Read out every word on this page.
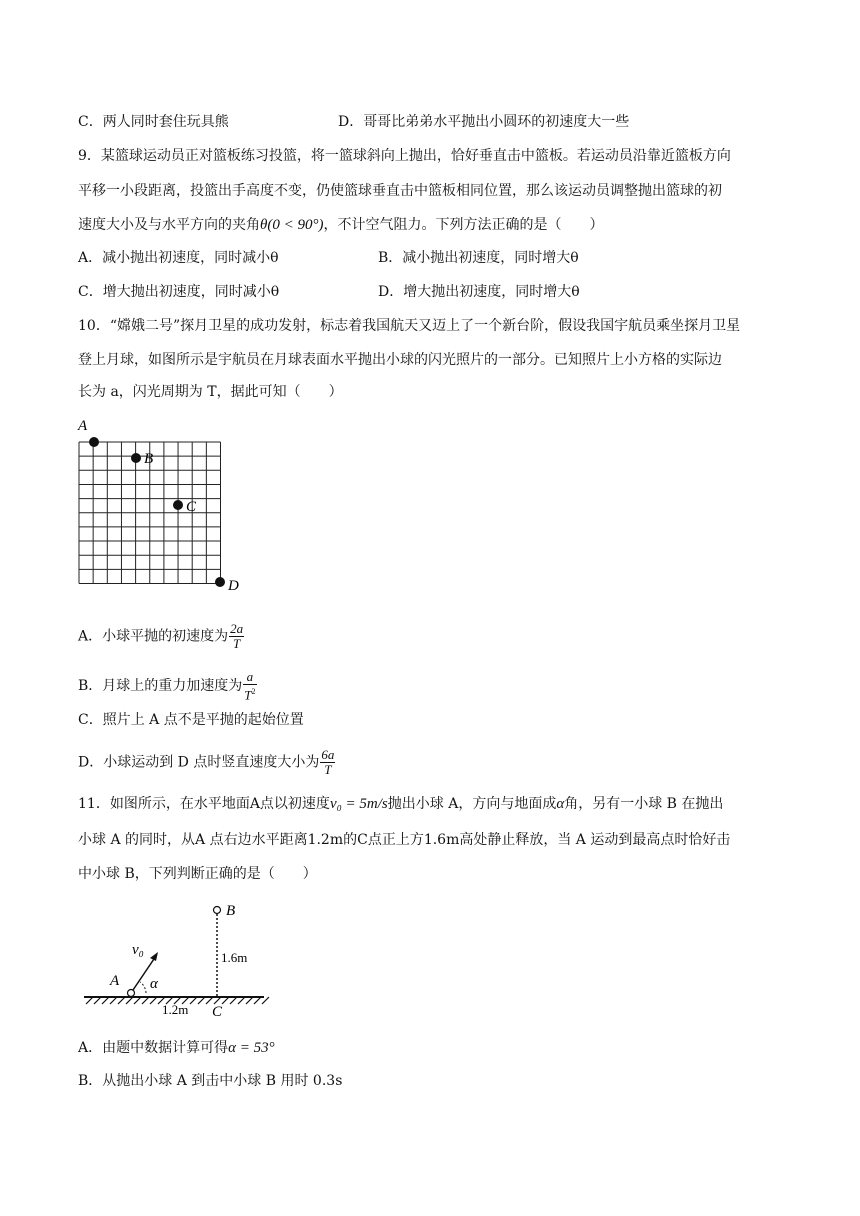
C．两人同时套住玩具熊	D．哥哥比弟弟水平抛出小圆环的初速度大一些
9．某篮球运动员正对篮板练习投篮，将一篮球斜向上抛出，恰好垂直击中篮板。若运动员沿靠近篮板方向
平移一小段距离，投篮出手高度不变，仍使篮球垂直击中篮板相同位置，那么该运动员调整抛出篮球的初
速度大小及与水平方向的夹角θ(0 < 90°)，不计空气阻力。下列方法正确的是（　　）
A．减小抛出初速度，同时减小θ	B．减小抛出初速度，同时增大θ
C．增大抛出初速度，同时减小θ	D．增大抛出初速度，同时增大θ
10．“嫦娥二号”探月卫星的成功发射，标志着我国航天又迈上了一个新台阶，假设我国宇航员乘坐探月卫星
登上月球，如图所示是宇航员在月球表面水平抛出小球的闪光照片的一部分。已知照片上小方格的实际边
长为 a，闪光周期为 T，据此可知（　　）
A
B
C
D
A．小球平抛的初速度为 $\frac{2a}{T}$
B．月球上的重力加速度为 $\frac{a}{T^2}$
C．照片上 A 点不是平抛的起始位置
D．小球运动到 D 点时竖直速度大小为 $\frac{6a}{T}$
11．如图所示，在水平地面A点以初速度v₀ = 5m/s抛出小球 A，方向与地面成α角，另有一小球 B 在抛出
小球 A 的同时，从A 点右边水平距离1.2m的C点正上方1.6m高处静止释放，当 A 运动到最高点时恰好击
中小球 B，下列判断正确的是（　　）
B
1.6m
v₀
A α
1.2m C
A．由题中数据计算可得α = 53°
B．从抛出小球 A 到击中小球 B 用时 0.3s
